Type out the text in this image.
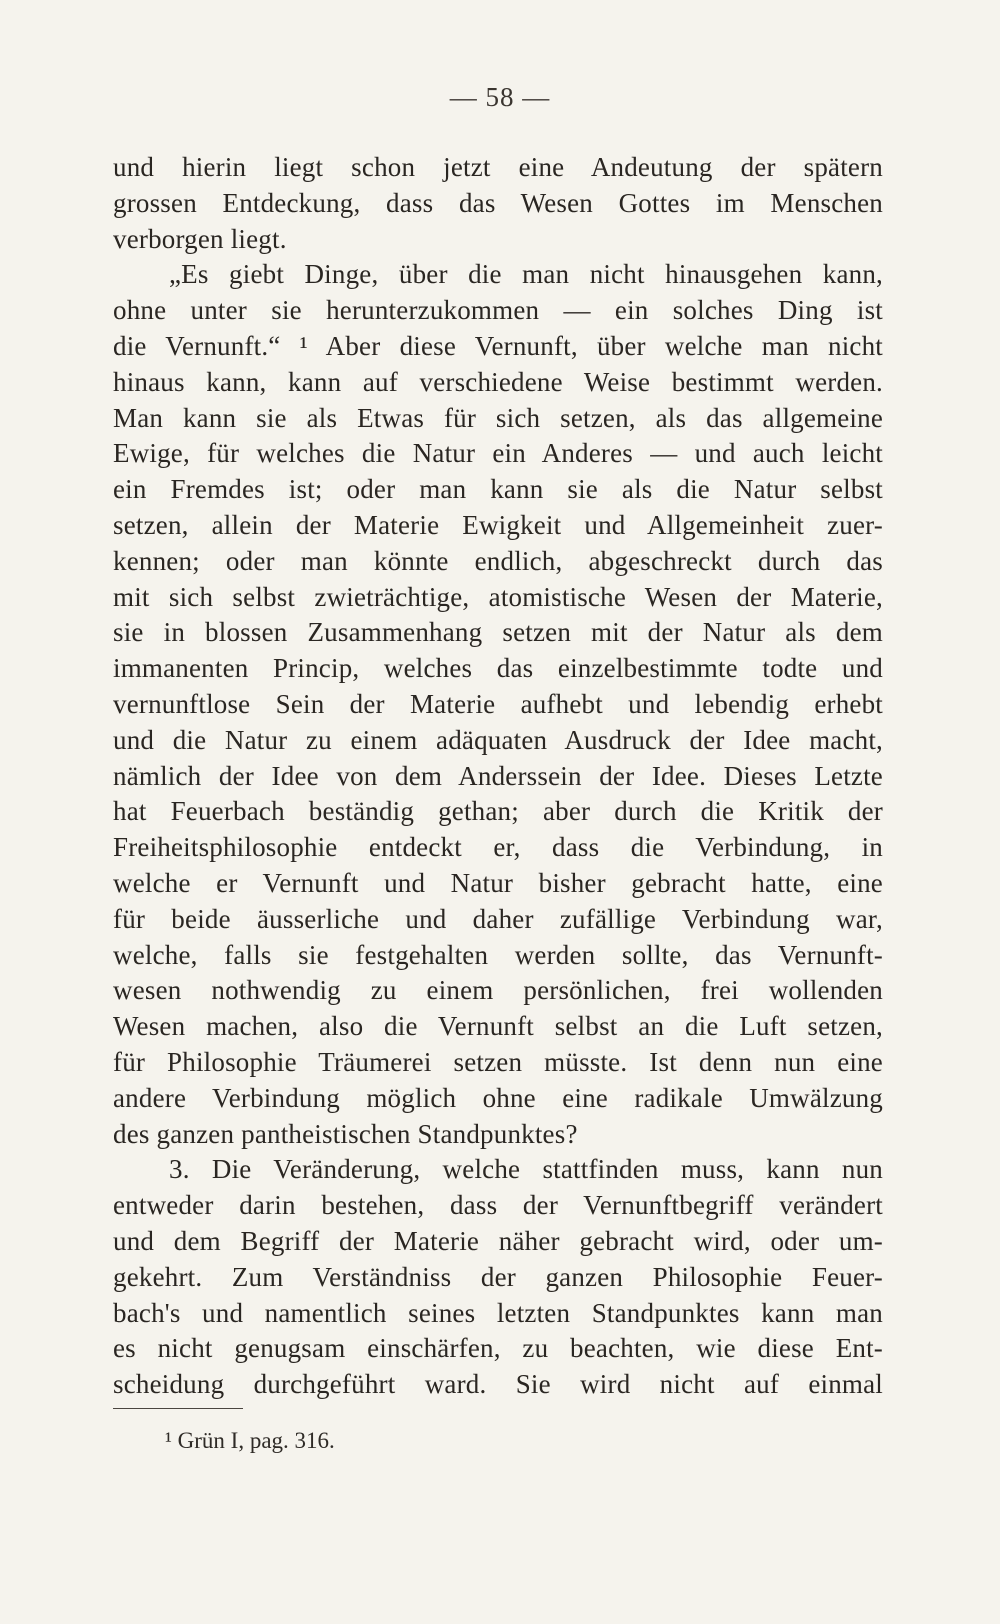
— 58 —
und hierin liegt schon jetzt eine Andeutung der spätern
grossen Entdeckung, dass das Wesen Gottes im Menschen
verborgen liegt.
„Es giebt Dinge, über die man nicht hinausgehen kann,
ohne unter sie herunterzukommen — ein solches Ding ist
die Vernunft.“ ¹ Aber diese Vernunft, über welche man nicht
hinaus kann, kann auf verschiedene Weise bestimmt werden.
Man kann sie als Etwas für sich setzen, als das allgemeine
Ewige, für welches die Natur ein Anderes — und auch leicht
ein Fremdes ist; oder man kann sie als die Natur selbst
setzen, allein der Materie Ewigkeit und Allgemeinheit zuer-
kennen; oder man könnte endlich, abgeschreckt durch das
mit sich selbst zwieträchtige, atomistische Wesen der Materie,
sie in blossen Zusammenhang setzen mit der Natur als dem
immanenten Princip, welches das einzelbestimmte todte und
vernunftlose Sein der Materie aufhebt und lebendig erhebt
und die Natur zu einem adäquaten Ausdruck der Idee macht,
nämlich der Idee von dem Anderssein der Idee. Dieses Letzte
hat Feuerbach beständig gethan; aber durch die Kritik der
Freiheitsphilosophie entdeckt er, dass die Verbindung, in
welche er Vernunft und Natur bisher gebracht hatte, eine
für beide äusserliche und daher zufällige Verbindung war,
welche, falls sie festgehalten werden sollte, das Vernunft-
wesen nothwendig zu einem persönlichen, frei wollenden
Wesen machen, also die Vernunft selbst an die Luft setzen,
für Philosophie Träumerei setzen müsste. Ist denn nun eine
andere Verbindung möglich ohne eine radikale Umwälzung
des ganzen pantheistischen Standpunktes?
3. Die Veränderung, welche stattfinden muss, kann nun
entweder darin bestehen, dass der Vernunftbegriff verändert
und dem Begriff der Materie näher gebracht wird, oder um-
gekehrt. Zum Verständniss der ganzen Philosophie Feuer-
bach's und namentlich seines letzten Standpunktes kann man
es nicht genugsam einschärfen, zu beachten, wie diese Ent-
scheidung durchgeführt ward. Sie wird nicht auf einmal
¹ Grün I, pag. 316.
